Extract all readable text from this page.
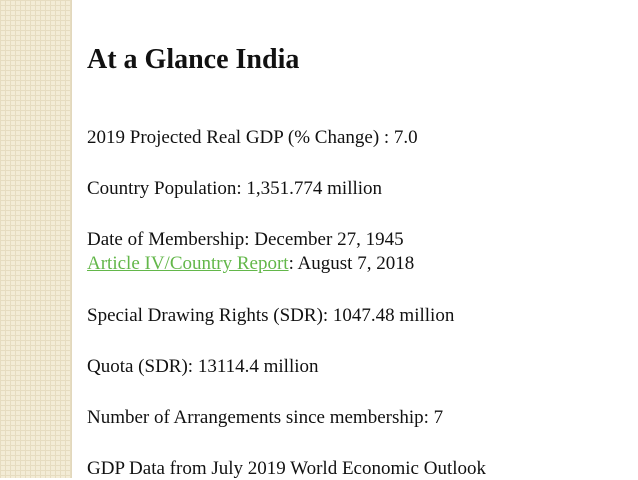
At a Glance India
2019 Projected Real GDP (% Change) : 7.0
Country Population: 1,351.774 million
Date of Membership: December 27, 1945
Article IV/Country Report: August 7, 2018
Special Drawing Rights (SDR): 1047.48 million
Quota (SDR): 13114.4 million
Number of Arrangements since membership: 7
GDP Data from July 2019 World Economic Outlook
